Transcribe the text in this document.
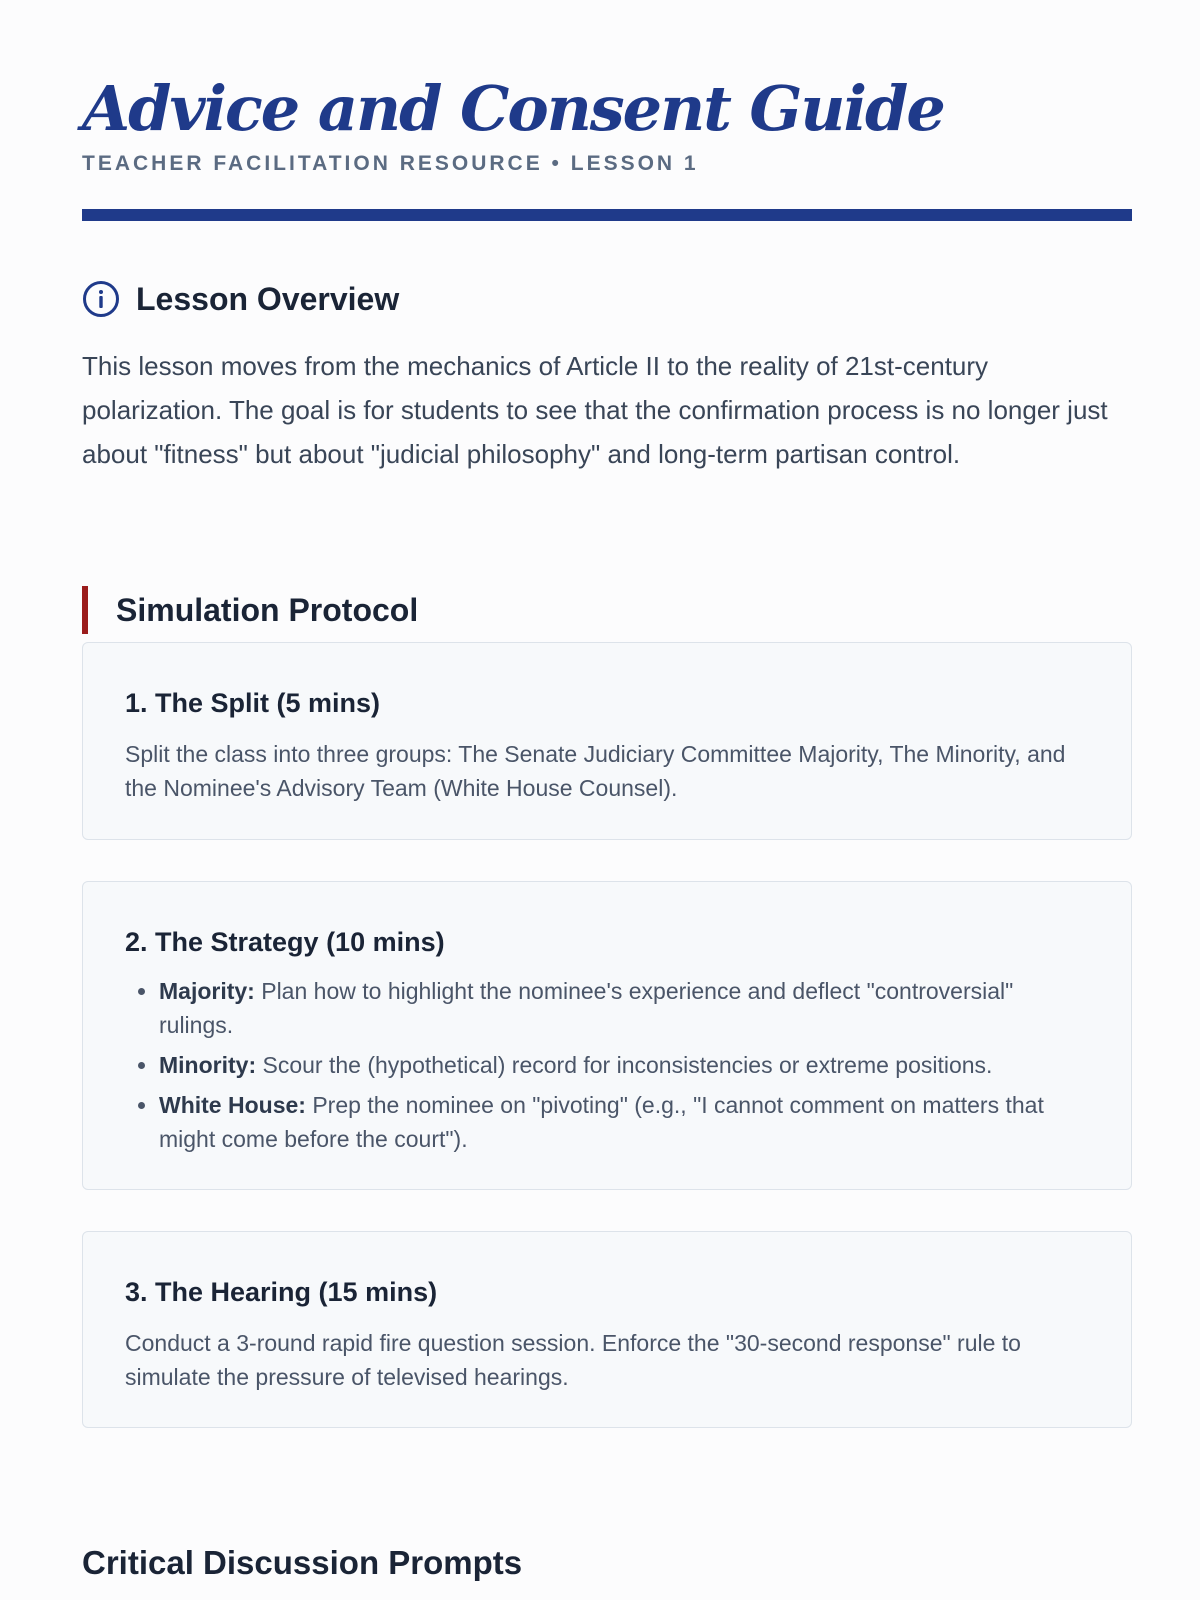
Advice and Consent Guide
TEACHER FACILITATION RESOURCE • LESSON 1
Lesson Overview

This lesson moves from the mechanics of Article II to the reality of 21st-century polarization. The goal is for students to see that the confirmation process is no longer just about "fitness" but about "judicial philosophy" and long-term partisan control.

Simulation Protocol
1. The Split (5 mins)

Split the class into three groups: The Senate Judiciary Committee Majority, The Minority, and the Nominee's Advisory Team (White House Counsel).

2. The Strategy (10 mins)
• Majority: Plan how to highlight the nominee's experience and deflect "controversial" rulings.
• Minority: Scour the (hypothetical) record for inconsistencies or extreme positions.
• White House: Prep the nominee on "pivoting" (e.g., "I cannot comment on matters that might come before the court").
3. The Hearing (15 mins)

Conduct a 3-round rapid fire question session. Enforce the "30-second response" rule to simulate the pressure of televised hearings.

Critical Discussion Prompts
